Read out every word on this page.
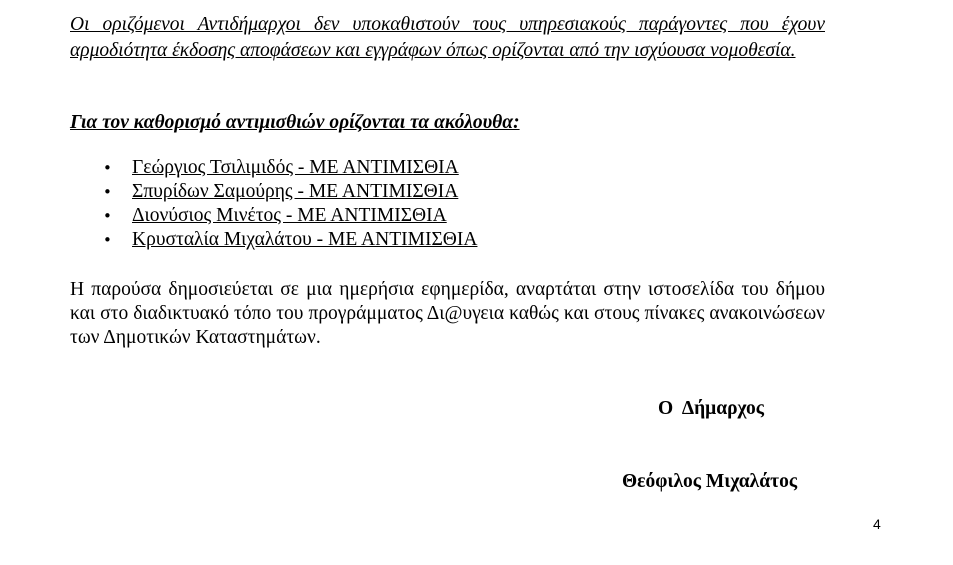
Οι οριζόμενοι Αντιδήμαρχοι δεν υποκαθιστούν τους υπηρεσιακούς παράγοντες που έχουν αρμοδιότητα έκδοσης αποφάσεων και εγγράφων όπως ορίζονται από την ισχύουσα νομοθεσία.

Για τον καθορισμό αντιμισθιών ορίζονται τα ακόλουθα:

• Γεώργιος Τσιλιμιδός - ΜΕ ΑΝΤΙΜΙΣΘΙΑ
• Σπυρίδων Σαμούρης - ΜΕ ΑΝΤΙΜΙΣΘΙΑ
• Διονύσιος Μινέτος - ΜΕ ΑΝΤΙΜΙΣΘΙΑ
• Κρυσταλία Μιχαλάτου - ΜΕ ΑΝΤΙΜΙΣΘΙΑ

Η παρούσα δημοσιεύεται σε μια ημερήσια εφημερίδα, αναρτάται στην ιστοσελίδα του δήμου και στο διαδικτυακό τόπο του προγράμματος Δι@υγεια καθώς και στους πίνακες ανακοινώσεων των Δημοτικών Καταστημάτων.

Ο  Δήμαρχος

Θεόφιλος Μιχαλάτος

4
